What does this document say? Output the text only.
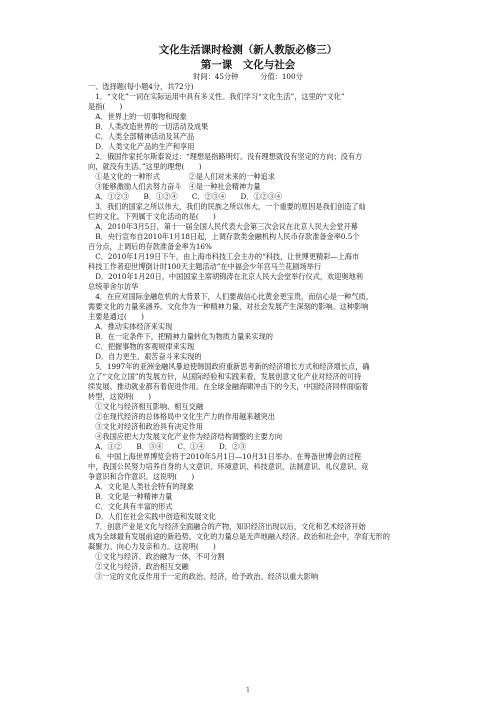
文化生活课时检测（新人教版必修三）
第一课　文化与社会
时间：45分钟	分值：100分
一、选择题(每小题4分，共72分)
　1．“文化”一词在实际运用中具有多义性。我们学习“文化生活”，这里的“文化”
是指(　　)
　A．世界上的一切事物和现象
　B．人类改造世界的一切活动及成果
　C．人类全部精神活动及其产品
　D．人类文化产品的生产和享用
　2．俄国作家托尔斯泰说过：“理想是指路明灯。没有理想就没有坚定的方向；没有方
向，就没有生活。”这里的理想(　　)
　①是文化的一种形式　　　　②是人们对未来的一种追求
　③能够激励人们去努力奋斗　④是一种社会精神力量
　A．①②③　　B．①②④　　C．②③④　　D．①②③④
　3．我们的国家之所以伟大，我们的民族之所以伟大，一个重要的原因是我们创造了灿
烂的文化。下列属于文化活动的是(　　)
　A．2010年3月5日，第十一届全国人民代表大会第三次会议在北京人民大会堂开幕
　B．央行宣布自2010年1月18日起，上调存款类金融机构人民币存款准备金率0.5个
百分点，上调后的存款准备金率为16%
　C．2010年1月19日下午，由上海市科技工会主办的“科技，让世博更精彩—上海市
科技工作者迎世博倒计时100天主题活动”在中福会少年宫马兰花剧场举行
　D．2010年1月20日，中国国家主席胡锦涛在北京人民大会堂举行仪式，欢迎奥地利
总统菲舍尔访华
　4．在应对国际金融危机的大背景下，人们要战信心比黄金更宝贵，而信心是一种气质，
需要文化的力量来涵养。文化作为一种精神力量，对社会发展产生深刻的影响。这种影响
主要是通过(　　)
　A．推动实体经济来实现
　B．在一定条件下，把精神力量转化为物质力量来实现的
　C．把握事物的客观规律来实现
　D．自力更生、艰苦奋斗来实现的
　5．1997年的亚洲金融风暴迫使韩国政府重新思考新的经济增长方式和经济增长点，确
立了“文化立国”的发展方针，从国际经验和实践来看，发展创意文化产业对经济的可持
续发展、推动就业都有着促进作用。在全球金融海啸冲击下的今天，中国经济同样面临着
转型，这说明(　　)
　①文化与经济相互影响、相互交融
　②在现代经济的总体格局中文化生产力的作用越来越突出
　③文化对经济和政治具有决定作用
　④我国应把大力发展文化产业作为经济结构调整的主要方向
　A．①②　　B．③④　　C．①④　　D．②③
　6．中国上海世界博览会将于2010年5月1日—10月31日举办。在筹备世博会的过程
中，我国公民努力培养自身的人文意识、环境意识、科技意识、法制意识、礼仪意识、竞
争意识和合作意识。这说明(　　)
　A．文化是人类社会特有的现象
　B．文化是一种精神力量
　C．文化具有丰富的形式
　D．人们在社会实践中创造和发展文化
　7．创意产业是文化与经济全面融合的产物，知识经济出现以后，文化和艺术经济开始
成为全球最有发展前途的新趋势。文化的力量总是无声地融入经济、政治和社会中，孕育无形的
凝聚力、向心力及亲和力。这说明(　　)
　①文化与经济、政治融为一体，不可分割
　②文化与经济、政治相互交融
　③一定的文化反作用于一定的政治、经济，给予政治、经济以重大影响
1
